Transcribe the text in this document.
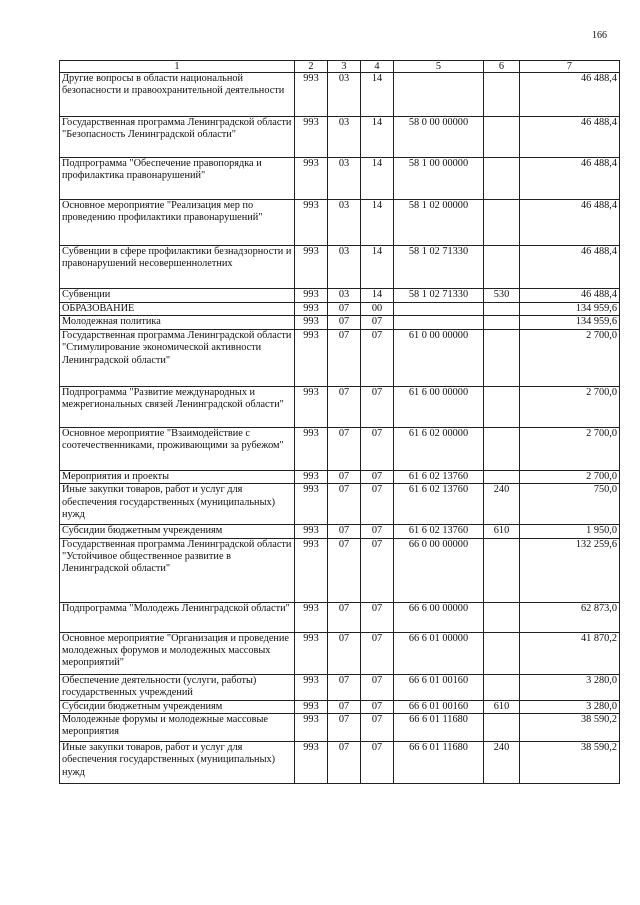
166
1	2	3	4	5	6	7
Другие вопросы в области национальной безопасности и правоохранительной деятельности	993	03	14			46 488,4
Государственная программа Ленинградской области "Безопасность Ленинградской области"	993	03	14	58 0 00 00000		46 488,4
Подпрограмма "Обеспечение правопорядка и профилактика правонарушений"	993	03	14	58 1 00 00000		46 488,4
Основное мероприятие "Реализация мер по проведению профилактики правонарушений"	993	03	14	58 1 02 00000		46 488,4
Субвенции в сфере профилактики безнадзорности и правонарушений несовершеннолетних	993	03	14	58 1 02 71330		46 488,4
Субвенции	993	03	14	58 1 02 71330	530	46 488,4
ОБРАЗОВАНИЕ	993	07	00			134 959,6
Молодежная политика	993	07	07			134 959,6
Государственная программа Ленинградской области "Стимулирование экономической активности Ленинградской области"	993	07	07	61 0 00 00000		2 700,0
Подпрограмма "Развитие международных и межрегиональных связей Ленинградской области"	993	07	07	61 6 00 00000		2 700,0
Основное мероприятие "Взаимодействие с соотечественниками, проживающими за рубежом"	993	07	07	61 6 02 00000		2 700,0
Мероприятия и проекты	993	07	07	61 6 02 13760		2 700,0
Иные закупки товаров, работ и услуг для обеспечения государственных (муниципальных) нужд	993	07	07	61 6 02 13760	240	750,0
Субсидии бюджетным учреждениям	993	07	07	61 6 02 13760	610	1 950,0
Государственная программа Ленинградской области "Устойчивое общественное развитие в Ленинградской области"	993	07	07	66 0 00 00000		132 259,6
Подпрограмма "Молодежь Ленинградской области"	993	07	07	66 6 00 00000		62 873,0
Основное мероприятие "Организация и проведение молодежных форумов и молодежных массовых мероприятий"	993	07	07	66 6 01 00000		41 870,2
Обеспечение деятельности (услуги, работы) государственных учреждений	993	07	07	66 6 01 00160		3 280,0
Субсидии бюджетным учреждениям	993	07	07	66 6 01 00160	610	3 280,0
Молодежные форумы и молодежные массовые мероприятия	993	07	07	66 6 01 11680		38 590,2
Иные закупки товаров, работ и услуг для обеспечения государственных (муниципальных) нужд	993	07	07	66 6 01 11680	240	38 590,2
